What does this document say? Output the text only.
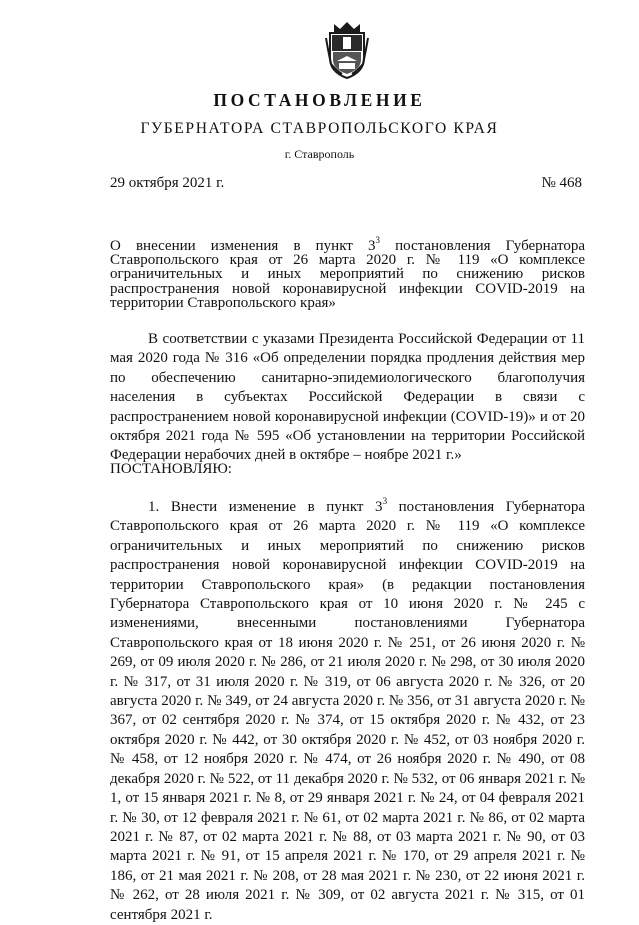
ПОСТАНОВЛЕНИЕ
ГУБЕРНАТОРА СТАВРОПОЛЬСКОГО КРАЯ
г. Ставрополь
29 октября 2021 г.	№ 468
О внесении изменения в пункт $3^3$ постановления Губернатора Ставропольского края от 26 марта 2020 г. № 119 «О комплексе ограничительных и иных мероприятий по снижению рисков распространения новой коронавирусной инфекции COVID-2019 на территории Ставропольского края»

В соответствии с указами Президента Российской Федерации от 11 мая 2020 года № 316 «Об определении порядка продления действия мер по обеспечению санитарно-эпидемиологического благополучия населения в субъектах Российской Федерации в связи с распространением новой коронавирусной инфекции (COVID-19)» и от 20 октября 2021 года № 595 «Об установлении на территории Российской Федерации нерабочих дней в октябре – ноябре 2021 г.»

ПОСТАНОВЛЯЮ:

1. Внести изменение в пункт $3^3$ постановления Губернатора Ставропольского края от 26 марта 2020 г. № 119 «О комплексе ограничительных и иных мероприятий по снижению рисков распространения новой коронавирусной инфекции COVID-2019 на территории Ставропольского края» (в редакции постановления Губернатора Ставропольского края от 10 июня 2020 г. № 245 с изменениями, внесенными постановлениями Губернатора Ставропольского края от 18 июня 2020 г. № 251, от 26 июня 2020 г. № 269, от 09 июля 2020 г. № 286, от 21 июля 2020 г. № 298, от 30 июля 2020 г. № 317, от 31 июля 2020 г. № 319, от 06 августа 2020 г. № 326, от 20 августа 2020 г. № 349, от 24 августа 2020 г. № 356, от 31 августа 2020 г. № 367, от 02 сентября 2020 г. № 374, от 15 октября 2020 г. № 432, от 23 октября 2020 г. № 442, от 30 октября 2020 г. № 452, от 03 ноября 2020 г. № 458, от 12 ноября 2020 г. № 474, от 26 ноября 2020 г. № 490, от 08 декабря 2020 г. № 522, от 11 декабря 2020 г. № 532, от 06 января 2021 г. № 1, от 15 января 2021 г. № 8, от 29 января 2021 г. № 24, от 04 февраля 2021 г. № 30, от 12 февраля 2021 г. № 61, от 02 марта 2021 г. № 86, от 02 марта 2021 г. № 87, от 02 марта 2021 г. № 88, от 03 марта 2021 г. № 90, от 03 марта 2021 г. № 91, от 15 апреля 2021 г. № 170, от 29 апреля 2021 г. № 186, от 21 мая 2021 г. № 208, от 28 мая 2021 г. № 230, от 22 июня 2021 г. № 262, от 28 июля 2021 г. № 309, от 02 августа 2021 г. № 315, от 01 сентября 2021 г.
